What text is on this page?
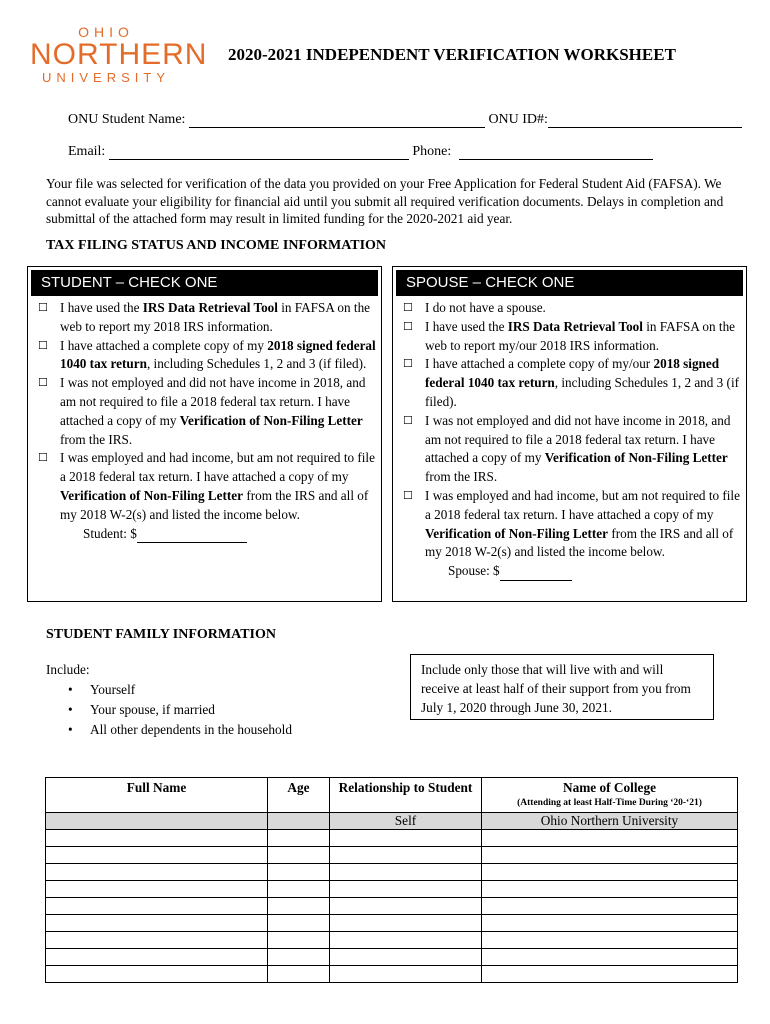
OHIO
NORTHERN
UNIVERSITY
2020-2021 INDEPENDENT VERIFICATION WORKSHEET
ONU Student Name:	ONU ID#:
Email:	Phone:
Your file was selected for verification of the data you provided on your Free Application for Federal Student Aid (FAFSA). We cannot evaluate your eligibility for financial aid until you submit all required verification documents. Delays in completion and submittal of the attached form may result in limited funding for the 2020-2021 aid year.
TAX FILING STATUS AND INCOME INFORMATION
STUDENT – CHECK ONE
☐ I have used the IRS Data Retrieval Tool in FAFSA on the web to report my 2018 IRS information.
☐ I have attached a complete copy of my 2018 signed federal 1040 tax return, including Schedules 1, 2 and 3 (if filed).
☐ I was not employed and did not have income in 2018, and am not required to file a 2018 federal tax return. I have attached a copy of my Verification of Non-Filing Letter from the IRS.
☐ I was employed and had income, but am not required to file a 2018 federal tax return. I have attached a copy of my Verification of Non-Filing Letter from the IRS and all of my 2018 W-2(s) and listed the income below.
Student: $
SPOUSE – CHECK ONE
☐ I do not have a spouse.
☐ I have used the IRS Data Retrieval Tool in FAFSA on the web to report my/our 2018 IRS information.
☐ I have attached a complete copy of my/our 2018 signed federal 1040 tax return, including Schedules 1, 2 and 3 (if filed).
☐ I was not employed and did not have income in 2018, and am not required to file a 2018 federal tax return. I have attached a copy of my Verification of Non-Filing Letter from the IRS.
☐ I was employed and had income, but am not required to file a 2018 federal tax return. I have attached a copy of my Verification of Non-Filing Letter from the IRS and all of my 2018 W-2(s) and listed the income below.
Spouse: $
STUDENT FAMILY INFORMATION
Include:
• Yourself
• Your spouse, if married
• All other dependents in the household
Include only those that will live with and will receive at least half of their support from you from July 1, 2020 through June 30, 2021.
Full Name	Age	Relationship to Student	Name of College
(Attending at least Half-Time During ‘20-‘21)

		Self	Ohio Northern University
